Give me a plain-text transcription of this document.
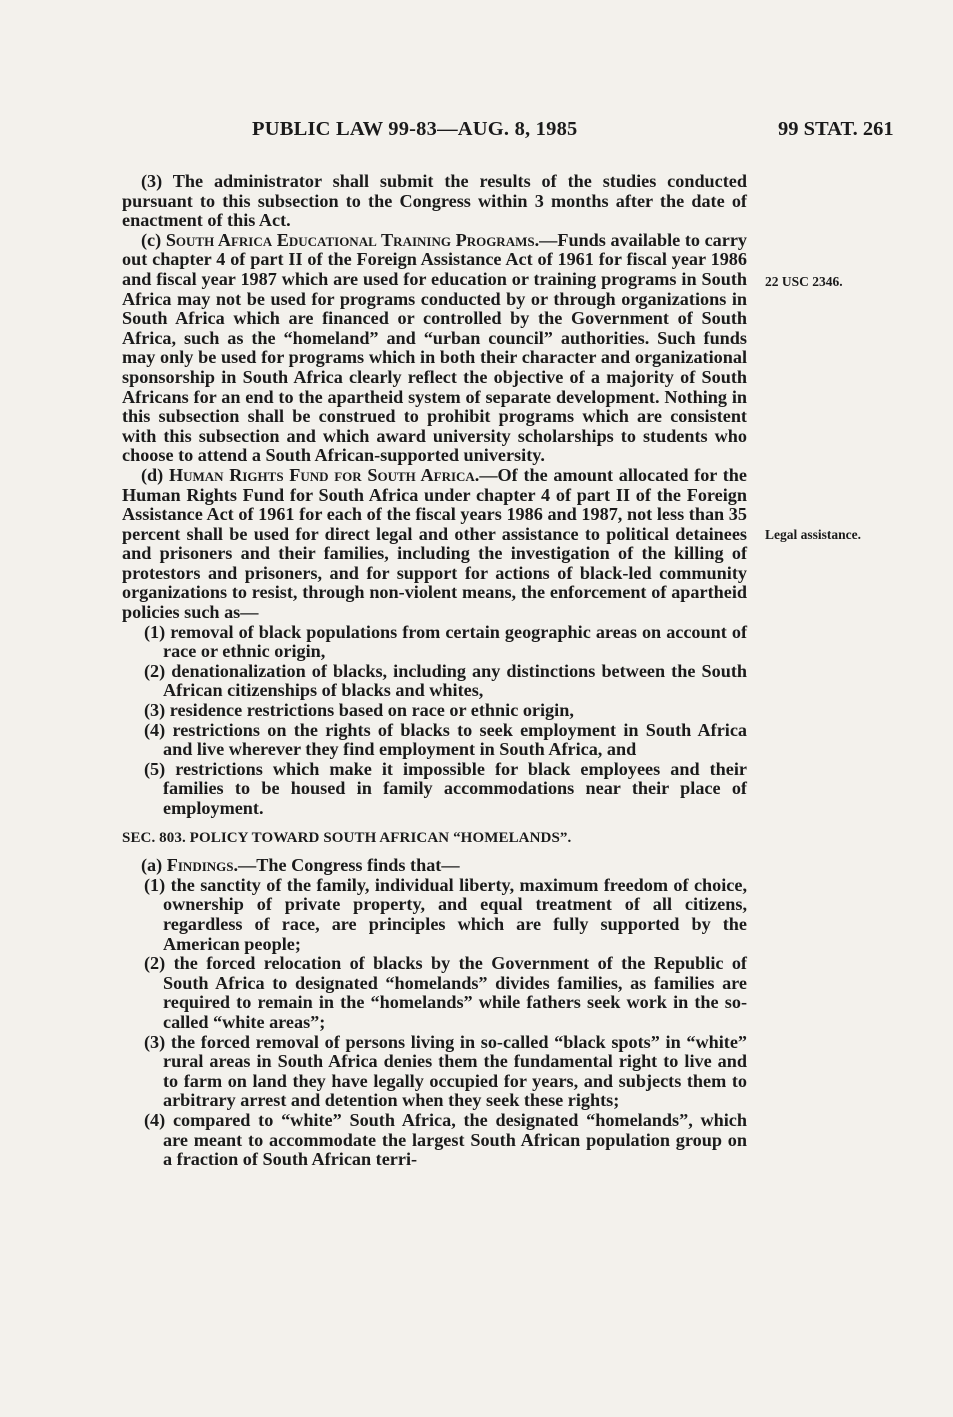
PUBLIC LAW 99-83—AUG. 8, 1985	99 STAT. 261
22 USC 2346.
Legal assistance.

(3) The administrator shall submit the results of the studies conducted pursuant to this subsection to the Congress within 3 months after the date of enactment of this Act.

(c) South Africa Educational Training Programs.—Funds available to carry out chapter 4 of part II of the Foreign Assistance Act of 1961 for fiscal year 1986 and fiscal year 1987 which are used for education or training programs in South Africa may not be used for programs conducted by or through organizations in South Africa which are financed or controlled by the Government of South Africa, such as the “homeland” and “urban council” authorities. Such funds may only be used for programs which in both their character and organizational sponsorship in South Africa clearly reflect the objective of a majority of South Africans for an end to the apartheid system of separate development. Nothing in this subsection shall be construed to prohibit programs which are consistent with this subsection and which award university scholarships to students who choose to attend a South African-supported university.

(d) Human Rights Fund for South Africa.—Of the amount allocated for the Human Rights Fund for South Africa under chapter 4 of part II of the Foreign Assistance Act of 1961 for each of the fiscal years 1986 and 1987, not less than 35 percent shall be used for direct legal and other assistance to political detainees and prisoners and their families, including the investigation of the killing of protestors and prisoners, and for support for actions of black-led community organizations to resist, through non-violent means, the enforcement of apartheid policies such as—

(1) removal of black populations from certain geographic areas on account of race or ethnic origin,

(2) denationalization of blacks, including any distinctions between the South African citizenships of blacks and whites,

(3) residence restrictions based on race or ethnic origin,

(4) restrictions on the rights of blacks to seek employment in South Africa and live wherever they find employment in South Africa, and

(5) restrictions which make it impossible for black employees and their families to be housed in family accommodations near their place of employment.

SEC. 803. POLICY TOWARD SOUTH AFRICAN “HOMELANDS”.

(a) Findings.—The Congress finds that—

(1) the sanctity of the family, individual liberty, maximum freedom of choice, ownership of private property, and equal treatment of all citizens, regardless of race, are principles which are fully supported by the American people;

(2) the forced relocation of blacks by the Government of the Republic of South Africa to designated “homelands” divides families, as families are required to remain in the “homelands” while fathers seek work in the so-called “white areas”;

(3) the forced removal of persons living in so-called “black spots” in “white” rural areas in South Africa denies them the fundamental right to live and to farm on land they have legally occupied for years, and subjects them to arbitrary arrest and detention when they seek these rights;

(4) compared to “white” South Africa, the designated “homelands”, which are meant to accommodate the largest South African population group on a fraction of South African terri-
